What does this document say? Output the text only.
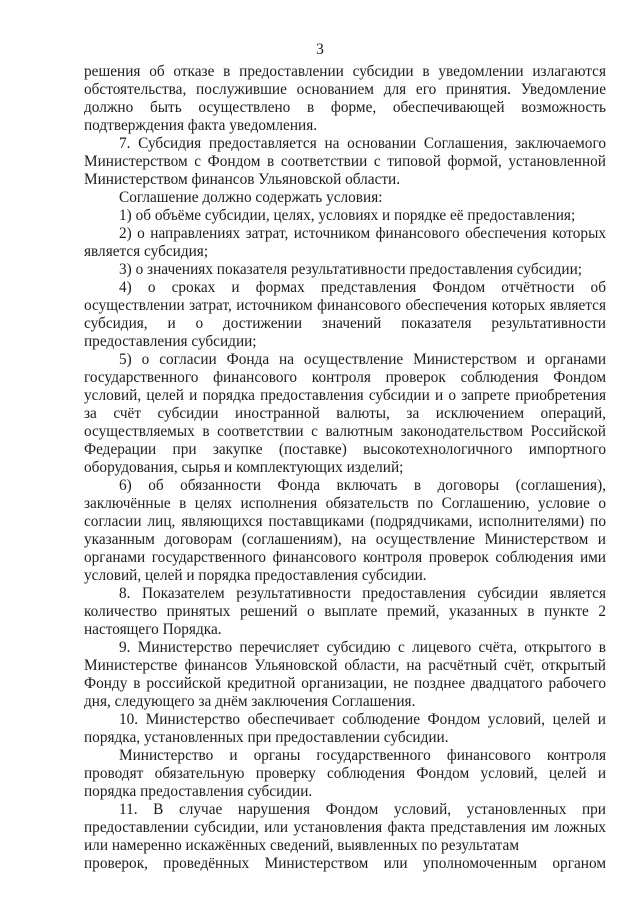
3

решения об отказе в предоставлении субсидии в уведомлении излагаются обстоятельства, послужившие основанием для его принятия. Уведомление должно быть осуществлено в форме, обеспечивающей возможность подтверждения факта уведомления.

7. Субсидия предоставляется на основании Соглашения, заключаемого Министерством с Фондом в соответствии с типовой формой, установленной Министерством финансов Ульяновской области.

Соглашение должно содержать условия:

1) об объёме субсидии, целях, условиях и порядке её предоставления;

2) о направлениях затрат, источником финансового обеспечения которых является субсидия;

3) о значениях показателя результативности предоставления субсидии;

4) о сроках и формах представления Фондом отчётности об осуществлении затрат, источником финансового обеспечения которых является субсидия, и о достижении значений показателя результативности предоставления субсидии;

5) о согласии Фонда на осуществление Министерством и органами государственного финансового контроля проверок соблюдения Фондом условий, целей и порядка предоставления субсидии и о запрете приобретения за счёт субсидии иностранной валюты, за исключением операций, осуществляемых в соответствии с валютным законодательством Российской Федерации при закупке (поставке) высокотехнологичного импортного оборудования, сырья и комплектующих изделий;

6) об обязанности Фонда включать в договоры (соглашения), заключённые в целях исполнения обязательств по Соглашению, условие о согласии лиц, являющихся поставщиками (подрядчиками, исполнителями) по указанным договорам (соглашениям), на осуществление Министерством и органами государственного финансового контроля проверок соблюдения ими условий, целей и порядка предоставления субсидии.

8. Показателем результативности предоставления субсидии является количество принятых решений о выплате премий, указанных в пункте 2 настоящего Порядка.

9. Министерство перечисляет субсидию с лицевого счёта, открытого в Министерстве финансов Ульяновской области, на расчётный счёт, открытый Фонду в российской кредитной организации, не позднее двадцатого рабочего дня, следующего за днём заключения Соглашения.

10. Министерство обеспечивает соблюдение Фондом условий, целей и порядка, установленных при предоставлении субсидии.

Министерство и органы государственного финансового контроля проводят обязательную проверку соблюдения Фондом условий, целей и порядка предоставления субсидии.

11. В случае нарушения Фондом условий, установленных при предоставлении субсидии, или установления факта представления им ложных или намеренно искажённых сведений, выявленных по результатам

проверок, проведённых Министерством или уполномоченным органом
